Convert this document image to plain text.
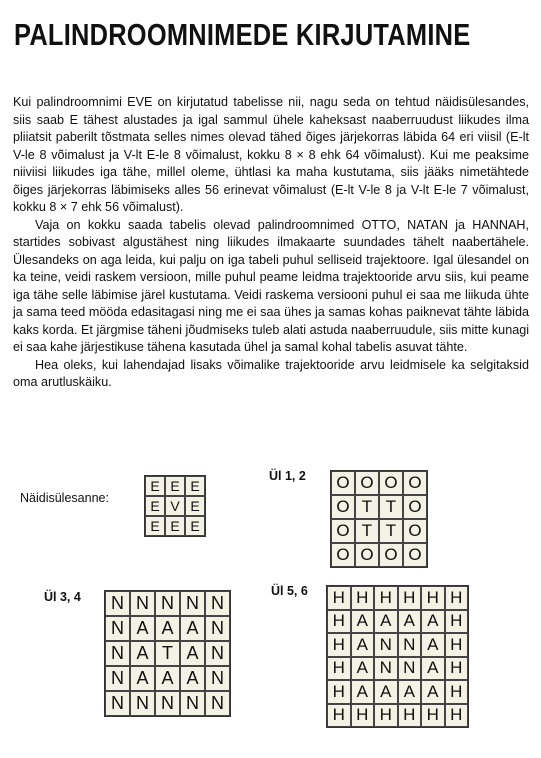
PALINDROOMNIMEDE KIRJUTAMINE

Kui palindroomnimi EVE on kirjutatud tabelisse nii, nagu seda on tehtud näidisülesandes, siis saab E tähest alustades ja igal sammul ühele kaheksast naaberruudust liikudes ilma pliiatsit paberilt tõstmata selles nimes olevad tähed õiges järjekorras läbida 64 eri viisil (E-lt V-le 8 võimalust ja V-lt E-le 8 võimalust, kokku 8 × 8 ehk 64 võimalust). Kui me peaksime niiviisi liikudes iga tähe, millel oleme, ühtlasi ka maha kustutama, siis jääks nimetähtede õiges järjekorras läbimiseks alles 56 erinevat võimalust (E-lt V-le 8 ja V-lt E-le 7 võimalust, kokku 8 × 7 ehk 56 võimalust).

Vaja on kokku saada tabelis olevad palindroomnimed OTTO, NATAN ja HANNAH, startides sobivast algustähest ning liikudes ilmakaarte suundades tähelt naabertähele. Ülesandeks on aga leida, kui palju on iga tabeli puhul selliseid trajektoore. Igal ülesandel on ka teine, veidi raskem versioon, mille puhul peame leidma trajektooride arvu siis, kui peame iga tähe selle läbimise järel kustutama. Veidi raskema versiooni puhul ei saa me liikuda ühte ja sama teed mööda edasitagasi ning me ei saa ühes ja samas kohas paiknevat tähte läbida kaks korda. Et järgmise täheni jõudmiseks tuleb alati astuda naaberruudule, siis mitte kunagi ei saa kahe järjestikuse tähena kasutada ühel ja samal kohal tabelis asuvat tähte.

Hea oleks, kui lahendajad lisaks võimalike trajektooride arvu leidmisele ka selgitaksid oma arutluskäiku.

Näidisülesanne:
E E E
E V E
E E E
Ül 1, 2	O O O O
O T T O
O T T O
O O O O
Ül 3, 4	N N N N N
N A A A N
N A T A N
N A A A N
N N N N N
Ül 5, 6	H H H H H H
H A A A A H
H A N N A H
H A N N A H
H A A A A H
H H H H H H
